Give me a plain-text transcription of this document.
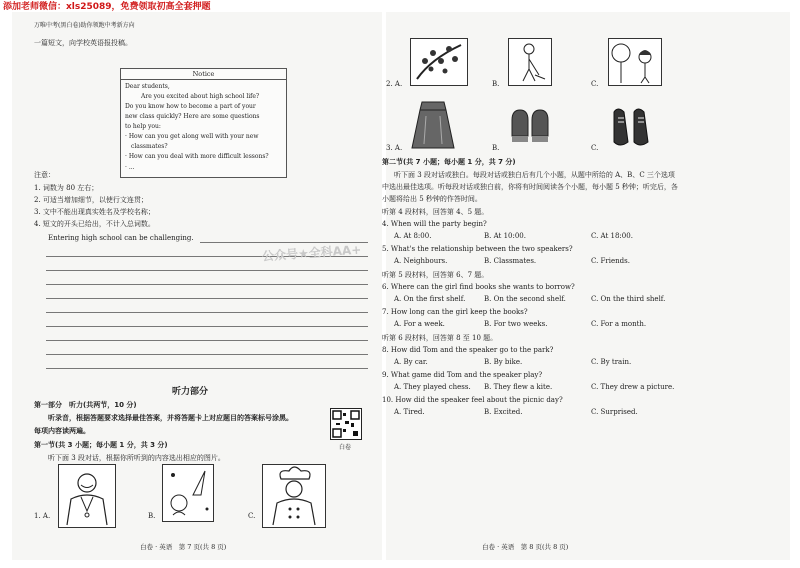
添加老师微信：xls25089，免费领取初高全套押题
万唯中考(黑白卷)助你领跑中考新方向
一篇短文，向学校英语报投稿。
Notice

Dear students,

Are you excited about high school life?

Do you know how to become a part of your

new class quickly? Here are some questions

to help you:

· How can you get along well with your new

classmates?

· How can you deal with more difficult lessons?

· ...

注意：
1. 词数为 80 左右；
2. 可适当增加细节，以使行文连贯；
3. 文中不能出现真实姓名及学校名称；
4. 短文的开头已给出，不计入总词数。
Entering high school can be challenging.
公众号★全科AA+
听力部分
第一部分　听力(共两节，10 分)
听录音，根据答题要求选择最佳答案，并将答题卡上对应题目的答案标号涂黑。
每项内容读两遍。
第一节(共 3 小题；每小题 1 分，共 3 分)
听下面 3 段对话，根据你所听到的内容选出相应的图片。
白卷
1. A.	B.	C.
白卷 · 英语　第 7 页(共 8 页)
2. A.	B.	C.
3. A.	B.	C.
第二节(共 7 小题；每小题 1 分，共 7 分)
听下面 3 段对话或独白。每段对话或独白后有几个小题，从题中所给的 A、B、C 三个选项
中选出最佳选项。听每段对话或独白前，你将有时间阅读各个小题，每小题 5 秒钟；听完后，各
小题将给出 5 秒钟的作答时间。
听第 4 段材料，回答第 4、5 题。
4. When will the party begin?
A. At 8:00.	B. At 10:00.	C. At 18:00.
5. What's the relationship between the two speakers?
A. Neighbours.	B. Classmates.	C. Friends.
听第 5 段材料，回答第 6、7 题。
6. Where can the girl find books she wants to borrow?
A. On the first shelf.	B. On the second shelf.	C. On the third shelf.
7. How long can the girl keep the books?
A. For a week.	B. For two weeks.	C. For a month.
听第 6 段材料，回答第 8 至 10 题。
8. How did Tom and the speaker go to the park?
A. By car.	B. By bike.	C. By train.
9. What game did Tom and the speaker play?
A. They played chess. B. They flew a kite.	C. They drew a picture.
10. How did the speaker feel about the picnic day?
A. Tired.	B. Excited.	C. Surprised.
白卷 · 英语　第 8 页(共 8 页)
